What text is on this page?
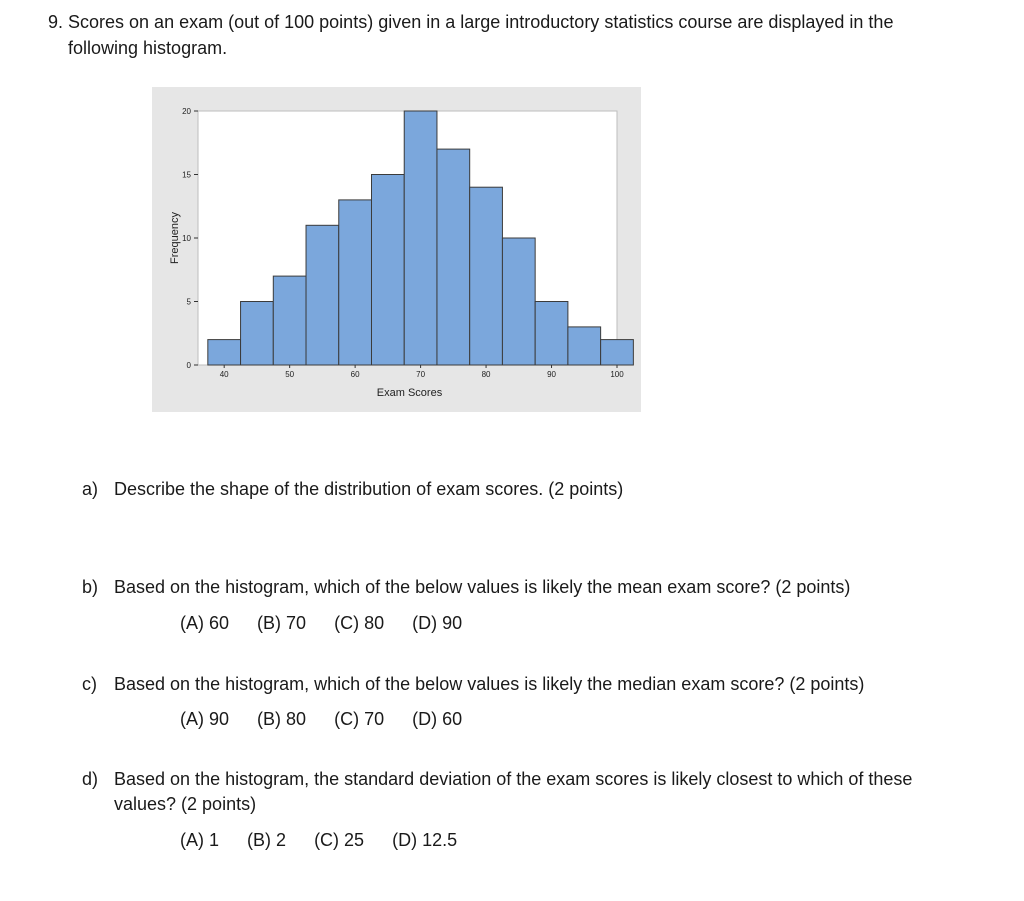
9. Scores on an exam (out of 100 points) given in a large introductory statistics course are displayed in the
following histogram.
0
5
10
15
20
40	50	60	70	80	90	100
Exam Scores
Frequency
a) Describe the shape of the distribution of exam scores. (2 points)
b) Based on the histogram, which of the below values is likely the mean exam score? (2 points)
(A) 60 (B) 70 (C) 80 (D) 90
c) Based on the histogram, which of the below values is likely the median exam score? (2 points)
(A) 90 (B) 80 (C) 70 (D) 60
d) Based on the histogram, the standard deviation of the exam scores is likely closest to which of these values? (2 points)
(A) 1 (B) 2 (C) 25 (D) 12.5
